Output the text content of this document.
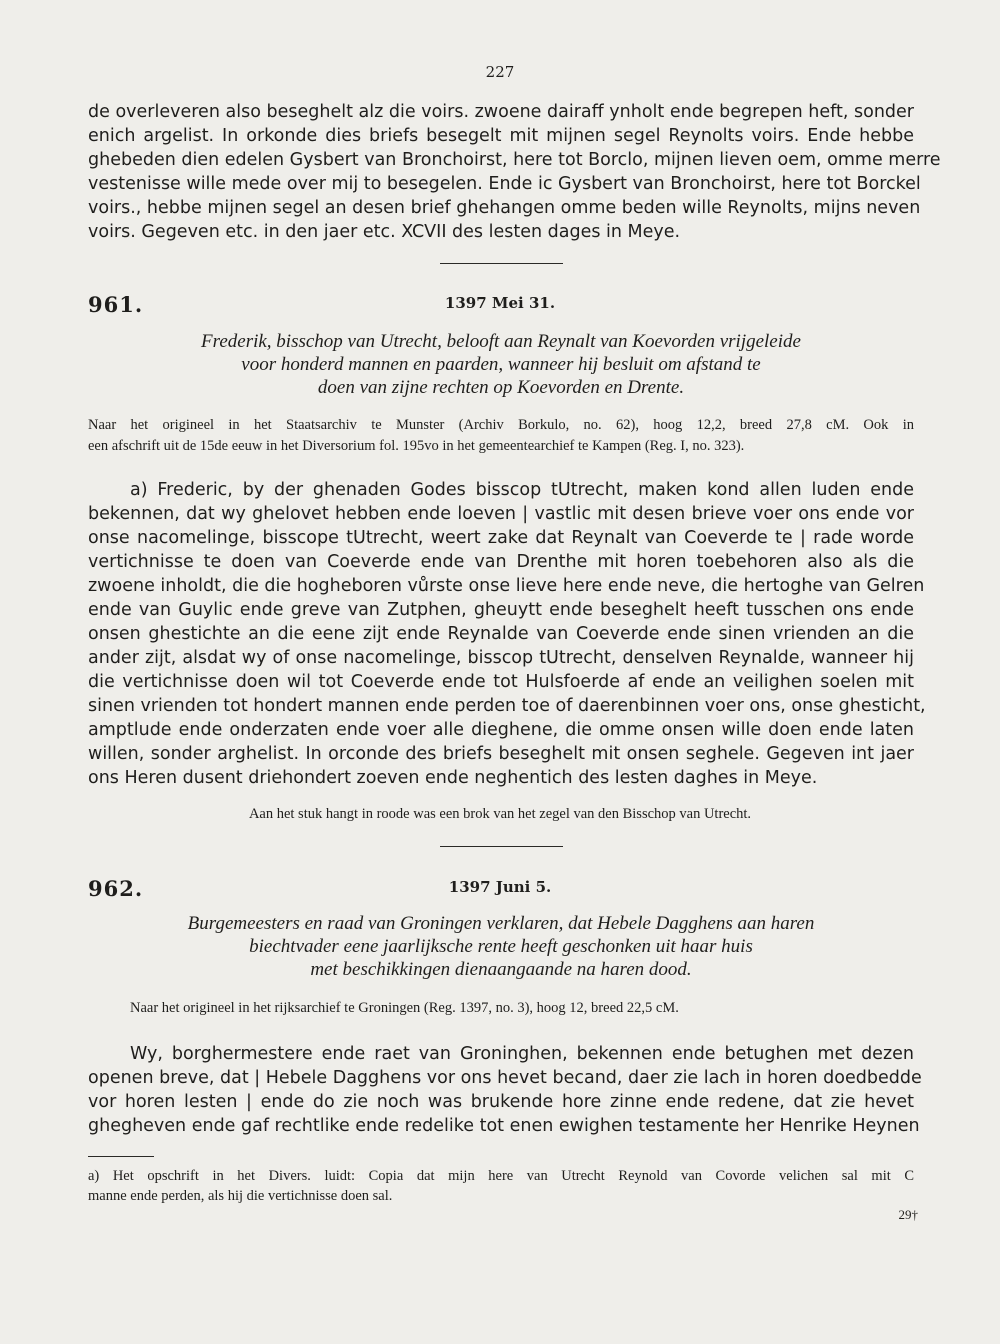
227
de overleveren also beseghelt alz die voirs. zwoene dairaff ynholt ende begrepen heft, sonder
enich argelist. In orkonde dies briefs besegelt mit mijnen segel Reynolts voirs. Ende hebbe
ghebeden dien edelen Gysbert van Bronchoirst, here tot Borclo, mijnen lieven oem, omme merre
vestenisse wille mede over mij to besegelen. Ende ic Gysbert van Bronchoirst, here tot Borckel
voirs., hebbe mijnen segel an desen brief ghehangen omme beden wille Reynolts, mijns neven
voirs. Gegeven etc. in den jaer etc. XCVII des lesten dages in Meye.
961.	1397 Mei 31.
Frederik, bisschop van Utrecht, belooft aan Reynalt van Koevorden vrijgeleide
voor honderd mannen en paarden, wanneer hij besluit om afstand te
doen van zijne rechten op Koevorden en Drente.
Naar het origineel in het Staatsarchiv te Munster (Archiv Borkulo, no. 62), hoog 12,2, breed 27,8 cM. Ook in
een afschrift uit de 15de eeuw in het Diversorium fol. 195vo in het gemeentearchief te Kampen (Reg. I, no. 323).
a) Frederic, by der ghenaden Godes bisscop tUtrecht, maken kond allen luden ende
bekennen, dat wy ghelovet hebben ende loeven | vastlic mit desen brieve voer ons ende vor
onse nacomelinge, bisscope tUtrecht, weert zake dat Reynalt van Coeverde te | rade worde
vertichnisse te doen van Coeverde ende van Drenthe mit horen toebehoren also als die
zwoene inholdt, die die hogheboren vůrste onse lieve here ende neve, die hertoghe van Gelren
ende van Guylic ende greve van Zutphen, gheuytt ende beseghelt heeft tusschen ons ende
onsen ghestichte an die eene zijt ende Reynalde van Coeverde ende sinen vrienden an die
ander zijt, alsdat wy of onse nacomelinge, bisscop tUtrecht, denselven Reynalde, wanneer hij
die vertichnisse doen wil tot Coeverde ende tot Hulsfoerde af ende an veilighen soelen mit
sinen vrienden tot hondert mannen ende perden toe of daerenbinnen voer ons, onse ghesticht,
amptlude ende onderzaten ende voer alle dieghene, die omme onsen wille doen ende laten
willen, sonder arghelist. In orconde des briefs beseghelt mit onsen seghele. Gegeven int jaer
ons Heren dusent driehondert zoeven ende neghentich des lesten daghes in Meye.
Aan het stuk hangt in roode was een brok van het zegel van den Bisschop van Utrecht.
962.	1397 Juni 5.
Burgemeesters en raad van Groningen verklaren, dat Hebele Dagghens aan haren
biechtvader eene jaarlijksche rente heeft geschonken uit haar huis
met beschikkingen dienaangaande na haren dood.
Naar het origineel in het rijksarchief te Groningen (Reg. 1397, no. 3), hoog 12, breed 22,5 cM.
Wy, borghermestere ende raet van Groninghen, bekennen ende betughen met dezen
openen breve, dat | Hebele Dagghens vor ons hevet becand, daer zie lach in horen doedbedde
vor horen lesten | ende do zie noch was brukende hore zinne ende redene, dat zie hevet
ghegheven ende gaf rechtlike ende redelike tot enen ewighen testamente her Henrike Heynen
a) Het opschrift in het Divers. luidt: Copia dat mijn here van Utrecht Reynold van Covorde velichen sal mit C
manne ende perden, als hij die vertichnisse doen sal.
29†
